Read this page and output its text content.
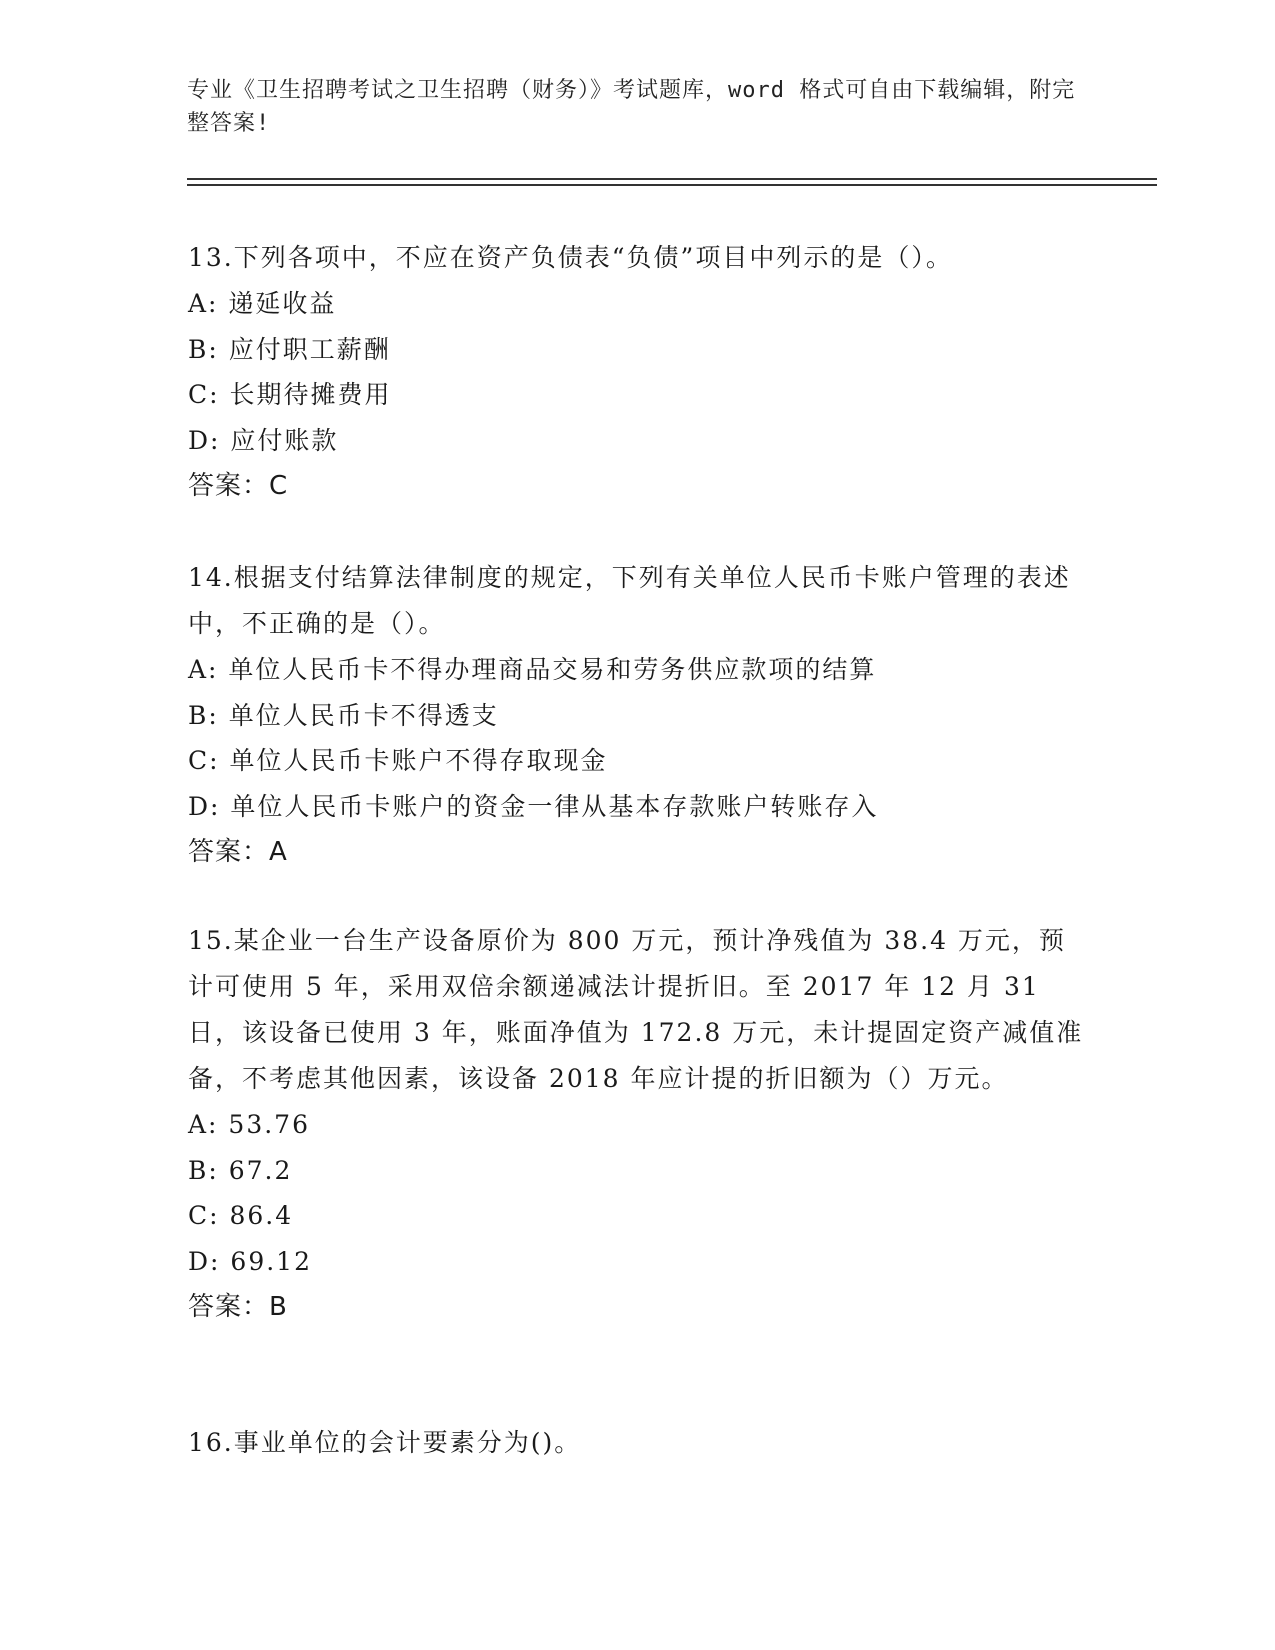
专业《卫生招聘考试之卫生招聘（财务）》考试题库，word 格式可自由下载编辑，附完整答案!

13.下列各项中，不应在资产负债表“负债”项目中列示的是（）。

A: 递延收益

B: 应付职工薪酬

C: 长期待摊费用

D: 应付账款

答案：C

14.根据支付结算法律制度的规定，下列有关单位人民币卡账户管理的表述中，不正确的是（）。

A: 单位人民币卡不得办理商品交易和劳务供应款项的结算

B: 单位人民币卡不得透支

C: 单位人民币卡账户不得存取现金

D: 单位人民币卡账户的资金一律从基本存款账户转账存入

答案：A

15.某企业一台生产设备原价为 800 万元，预计净残值为 38.4 万元，预计可使用 5 年，采用双倍余额递减法计提折旧。至 2017 年 12 月 31 日，该设备已使用 3 年，账面净值为 172.8 万元，未计提固定资产减值准备，不考虑其他因素，该设备 2018 年应计提的折旧额为（）万元。

A: 53.76

B: 67.2

C: 86.4

D: 69.12

答案：B

16.事业单位的会计要素分为()。
